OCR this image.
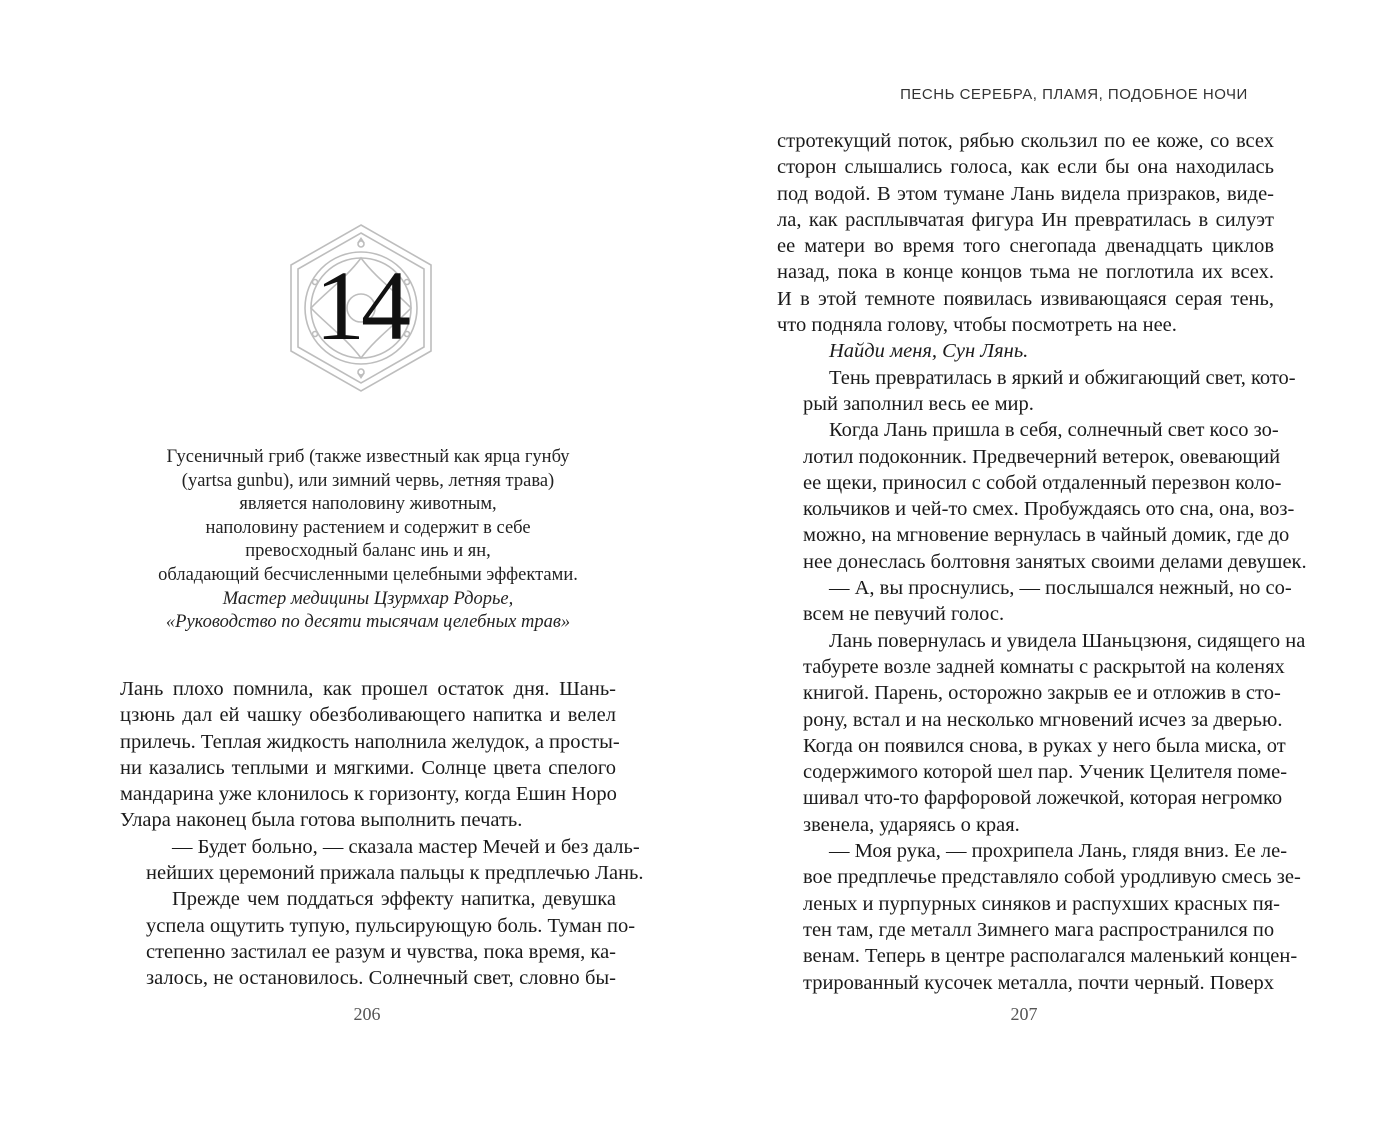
14
Гусеничный гриб (также известный как ярца гунбу
(yartsa gunbu), или зимний червь, летняя трава)
является наполовину животным,
наполовину растением и содержит в себе
превосходный баланс инь и ян,
обладающий бесчисленными целебными эффектами.
Мастер медицины Цзурмхар Рдорье,
«Руководство по десяти тысячам целебных трав»

Лань плохо помнила, как прошел остаток дня. Шань-
цзюнь дал ей чашку обезболивающего напитка и велел
прилечь. Теплая жидкость наполнила желудок, а просты-
ни казались теплыми и мягкими. Солнце цвета спелого
мандарина уже клонилось к горизонту, когда Ешин Норо
Улара наконец была готова выполнить печать.

— Будет больно, — сказала мастер Мечей и без даль-
нейших церемоний прижала пальцы к предплечью Лань.

Прежде чем поддаться эффекту напитка, девушка
успела ощутить тупую, пульсирующую боль. Туман по-
степенно застилал ее разум и чувства, пока время, ка-
залось, не остановилось. Солнечный свет, словно бы-

206
ПЕСНЬ СЕРЕБРА, ПЛАМЯ, ПОДОБНОЕ НОЧИ

стротекущий поток, рябью скользил по ее коже, со всех
сторон слышались голоса, как если бы она находилась
под водой. В этом тумане Лань видела призраков, виде-
ла, как расплывчатая фигура Ин превратилась в силуэт
ее матери во время того снегопада двенадцать циклов
назад, пока в конце концов тьма не поглотила их всех.
И в этой темноте появилась извивающаяся серая тень,
что подняла голову, чтобы посмотреть на нее.

Найди меня, Сун Лянь.

Тень превратилась в яркий и обжигающий свет, кото-
рый заполнил весь ее мир.

Когда Лань пришла в себя, солнечный свет косо зо-
лотил подоконник. Предвечерний ветерок, овевающий
ее щеки, приносил с собой отдаленный перезвон коло-
кольчиков и чей-то смех. Пробуждаясь ото сна, она, воз-
можно, на мгновение вернулась в чайный домик, где до
нее донеслась болтовня занятых своими делами девушек.

— А, вы проснулись, — послышался нежный, но со-
всем не певучий голос.

Лань повернулась и увидела Шаньцзюня, сидящего на
табурете возле задней комнаты с раскрытой на коленях
книгой. Парень, осторожно закрыв ее и отложив в сто-
рону, встал и на несколько мгновений исчез за дверью.
Когда он появился снова, в руках у него была миска, от
содержимого которой шел пар. Ученик Целителя поме-
шивал что-то фарфоровой ложечкой, которая негромко
звенела, ударяясь о края.

— Моя рука, — прохрипела Лань, глядя вниз. Ее ле-
вое предплечье представляло собой уродливую смесь зе-
леных и пурпурных синяков и распухших красных пя-
тен там, где металл Зимнего мага распространился по
венам. Теперь в центре располагался маленький концен-
трированный кусочек металла, почти черный. Поверх

207
